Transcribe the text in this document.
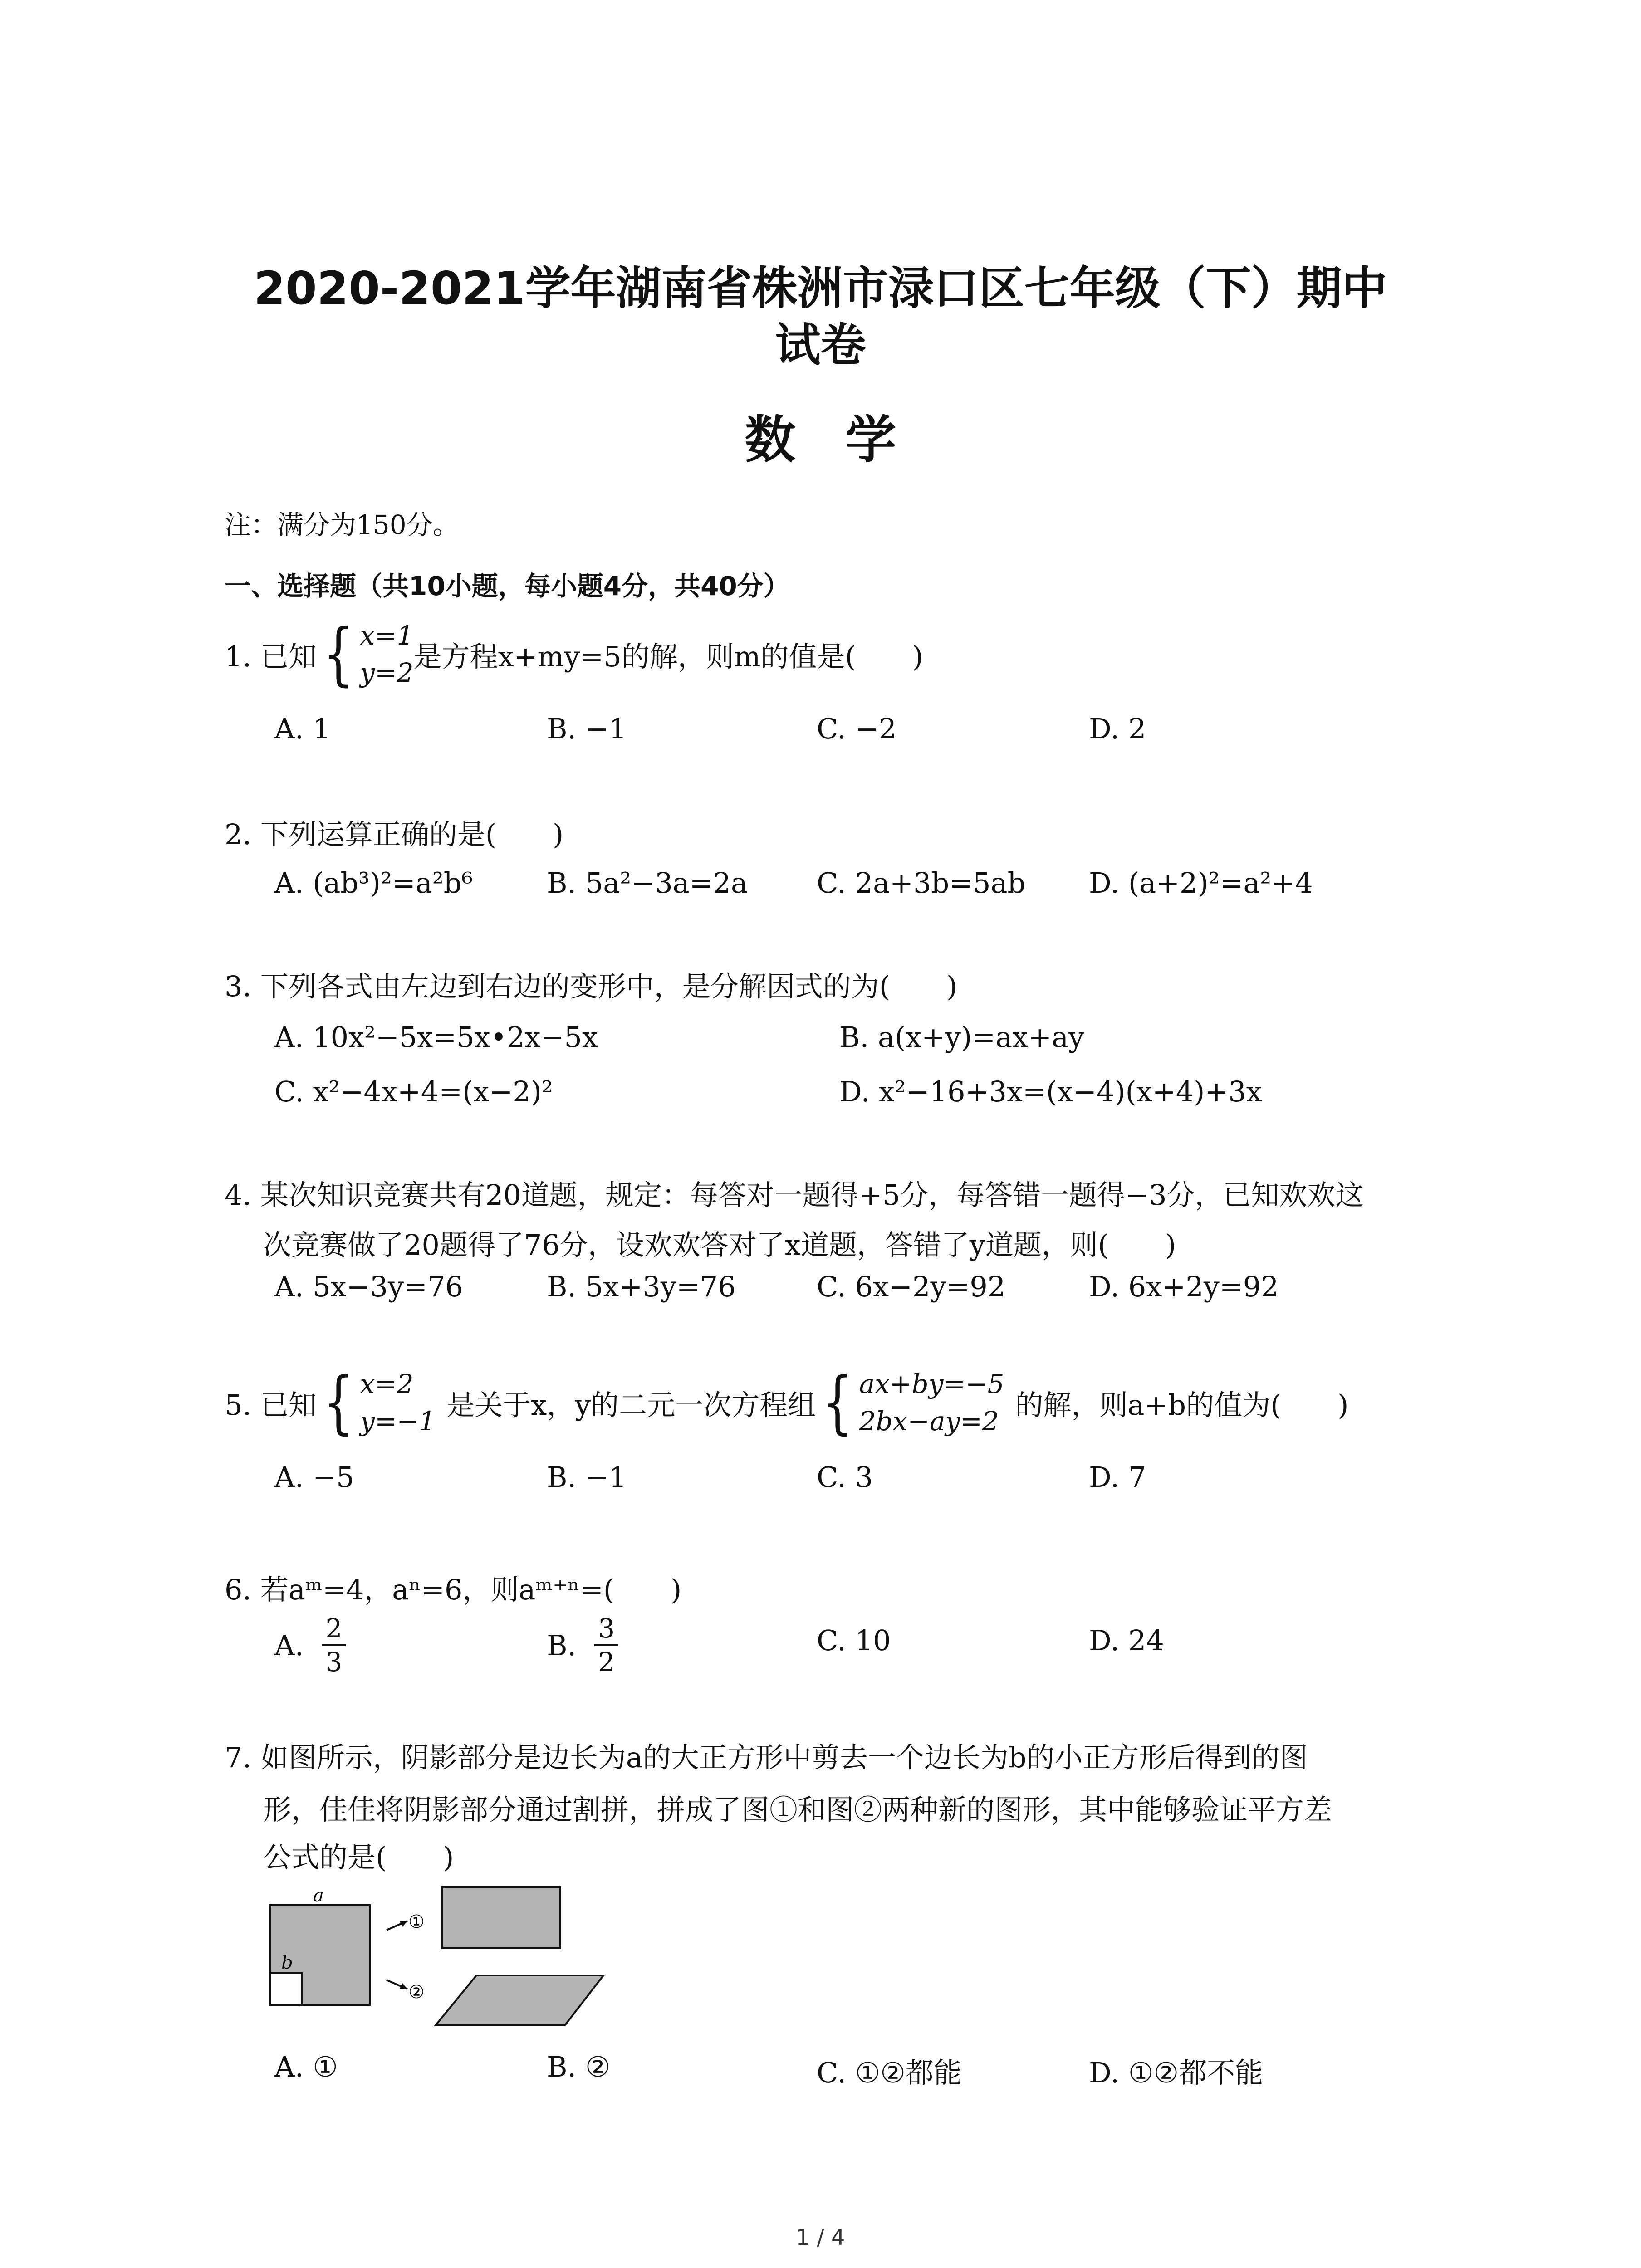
2020-2021学年湖南省株洲市渌口区七年级（下）期中
试卷
数学
注：满分为150分。
一、选择题（共10小题，每小题4分，共40分）
1. 已知 { x=1
y=2 是方程x+my=5的解，则m的值是(　　)
A. 1	B. −1	C. −2	D. 2
2. 下列运算正确的是(　　)
A. (ab³)²=a²b⁶	B. 5a²−3a=2a C. 2a+3b=5ab D. (a+2)²=a²+4
3. 下列各式由左边到右边的变形中，是分解因式的为(　　)
A. 10x²−5x=5x•2x−5x	B. a(x+y)=ax+ay
C. x²−4x+4=(x−2)²	D. x²−16+3x=(x−4)(x+4)+3x
4. 某次知识竞赛共有20道题，规定：每答对一题得+5分，每答错一题得−3分，已知欢欢这
次竞赛做了20题得了76分，设欢欢答对了x道题，答错了y道题，则(　　)
A. 5x−3y=76	B. 5x+3y=76	C. 6x−2y=92	D. 6x+2y=92
5. 已知 { x=2
y=−1 是关于x，y的二元一次方程组 { ax+by=−5
2bx−ay=2 的解，则a+b的值为(　　)
A. −5	B. −1	C. 3	D. 7
6. 若aᵐ=4，aⁿ=6，则aᵐ⁺ⁿ=(　　)
A. $\frac{2}{3}$	B. $\frac{3}{2}$	C. 10	D. 24
7. 如图所示，阴影部分是边长为a的大正方形中剪去一个边长为b的小正方形后得到的图
形，佳佳将阴影部分通过割拼，拼成了图①和图②两种新的图形，其中能够验证平方差
公式的是(　　)
a
b
①
②
A. ①	B. ②	C. ①②都能	D. ①②都不能
1 / 4
